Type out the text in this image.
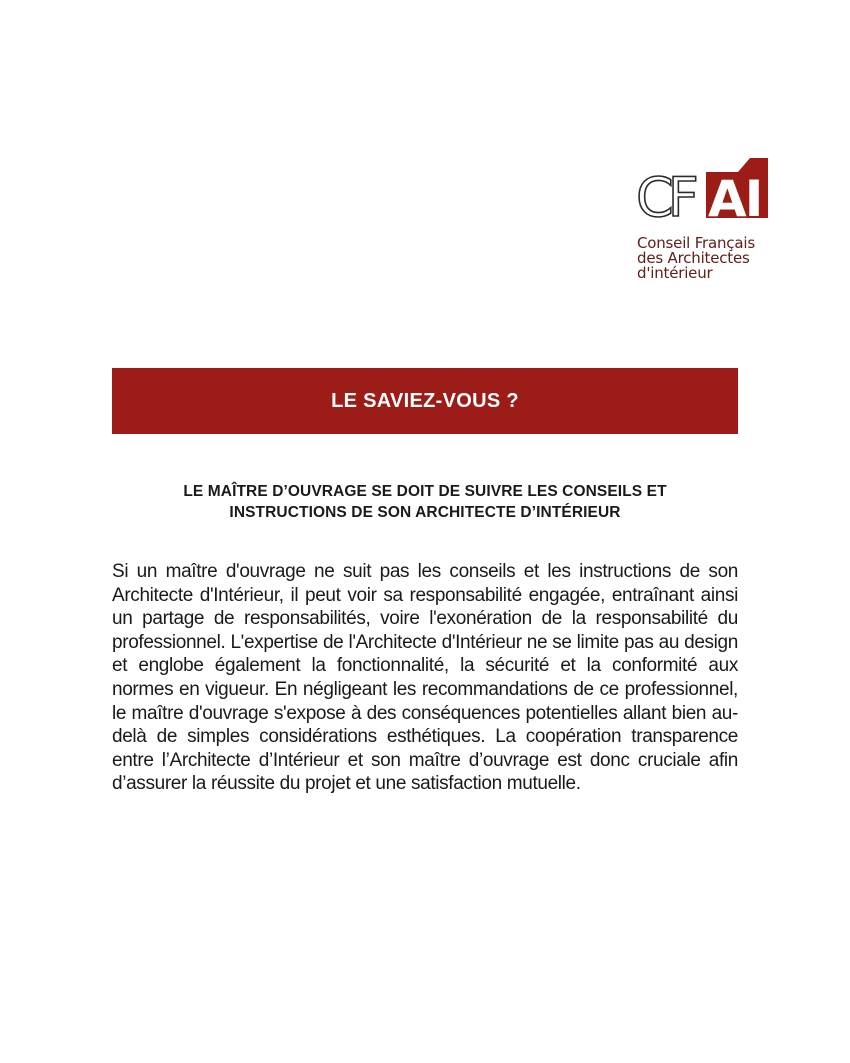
CF AI
Conseil Français
des Architectes
d'intérieur
LE SAVIEZ-VOUS ?
LE MAÎTRE D’OUVRAGE SE DOIT DE SUIVRE LES CONSEILS ET
INSTRUCTIONS DE SON ARCHITECTE D’INTÉRIEUR

Si un maître d'ouvrage ne suit pas les conseils et les instructions de son Architecte d'Intérieur, il peut voir sa responsabilité engagée, entraînant ainsi un partage de responsabilités, voire l'exonération de la responsabilité du professionnel. L'expertise de l'Architecte d'Intérieur ne se limite pas au design et englobe également la fonctionnalité, la sécurité et la conformité aux normes en vigueur. En négligeant les recommandations de ce professionnel, le maître d'ouvrage s'expose à des conséquences potentielles allant bien au-delà de simples considérations esthétiques. La coopération transparence entre l’Architecte d’Intérieur et son maître d’ouvrage est donc cruciale afin d’assurer la réussite du projet et une satisfaction mutuelle.
